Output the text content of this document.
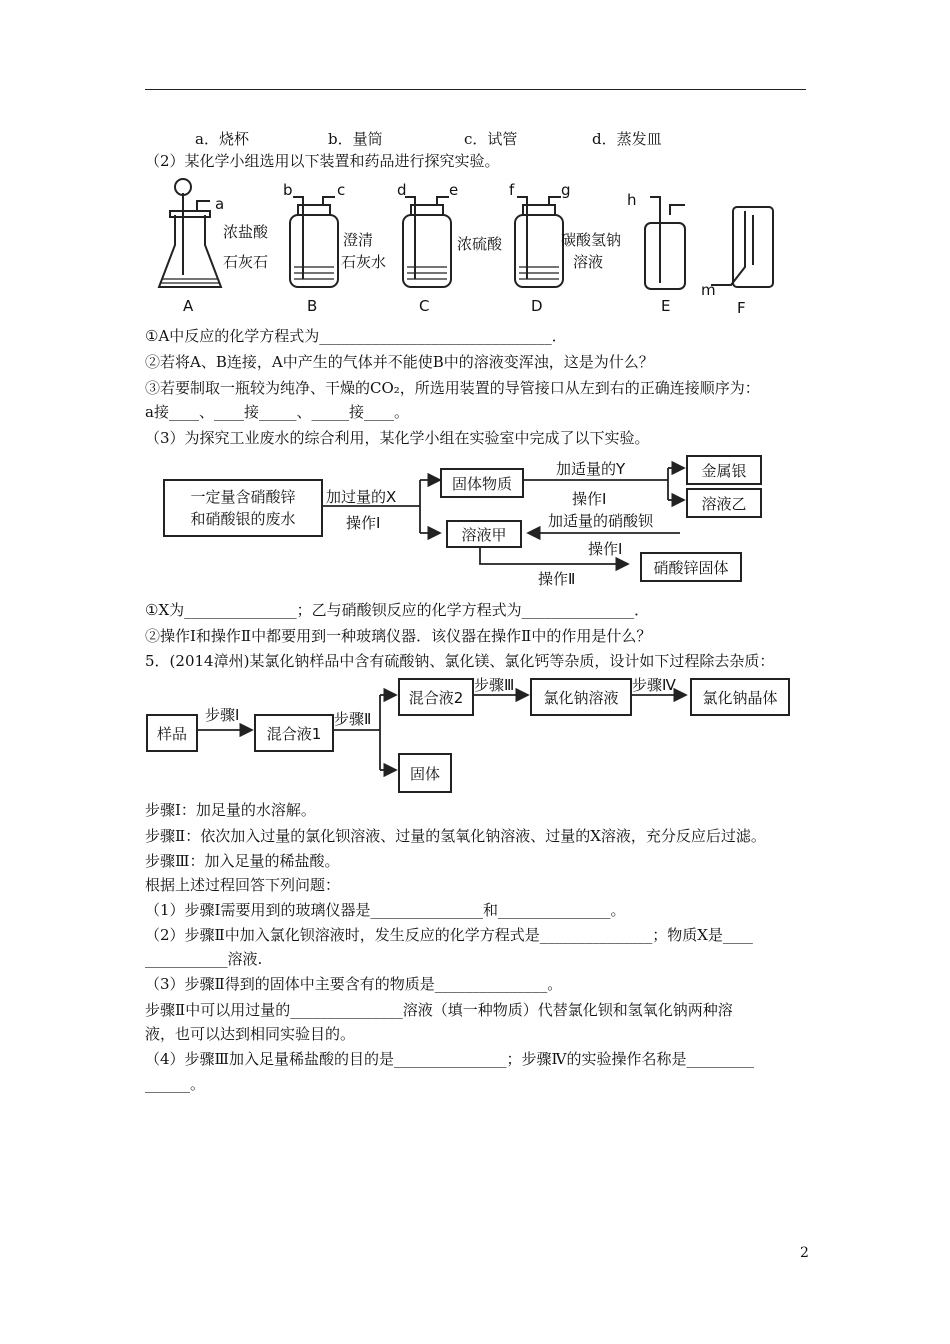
a．烧杯	b．量筒	c．试管	d．蒸发皿
（2）某化学小组选用以下装置和药品进行探究实验。
a
浓盐酸
石灰石
A
b	c
澄清
石灰水
B
d	e
浓硫酸
C
f	g
碳酸氢钠
溶液
D
h
E
m
F
①A中反应的化学方程式为_______________________________．
②若将A、B连接，A中产生的气体并不能使B中的溶液变浑浊，这是为什么？
③若要制取一瓶较为纯净、干燥的CO₂，所选用装置的导管接口从左到右的正确连接顺序为：
a接____、____接_____、_____接____。
（3）为探究工业废水的综合利用，某化学小组在实验室中完成了以下实验。
一定量含硝酸锌
和硝酸银的废水
加过量的X
操作Ⅰ
固体物质
加适量的Y
操作Ⅰ
金属银
溶液乙
加适量的硝酸钡
溶液甲
操作Ⅰ
操作Ⅱ
硝酸锌固体
①X为_______________；乙与硝酸钡反应的化学方程式为_______________．
②操作Ⅰ和操作Ⅱ中都要用到一种玻璃仪器．该仪器在操作Ⅱ中的作用是什么？
5．(2014漳州)某氯化钠样品中含有硫酸钠、氯化镁、氯化钙等杂质，设计如下过程除去杂质：
样品
步骤Ⅰ
混合液1
步骤Ⅱ
混合液2
步骤Ⅲ
氯化钠溶液
步骤Ⅳ
氯化钠晶体
固体
步骤Ⅰ：加足量的水溶解。
步骤Ⅱ：依次加入过量的氯化钡溶液、过量的氢氧化钠溶液、过量的X溶液，充分反应后过滤。
步骤Ⅲ：加入足量的稀盐酸。
根据上述过程回答下列问题：
（1）步骤Ⅰ需要用到的玻璃仪器是_______________和_______________。
（2）步骤Ⅱ中加入氯化钡溶液时，发生反应的化学方程式是_______________；物质X是____
___________溶液.
（3）步骤Ⅱ得到的固体中主要含有的物质是_______________。
步骤Ⅱ中可以用过量的_______________溶液（填一种物质）代替氯化钡和氢氧化钠两种溶
液，也可以达到相同实验目的。
（4）步骤Ⅲ加入足量稀盐酸的目的是_______________；步骤Ⅳ的实验操作名称是_________
______。
2
